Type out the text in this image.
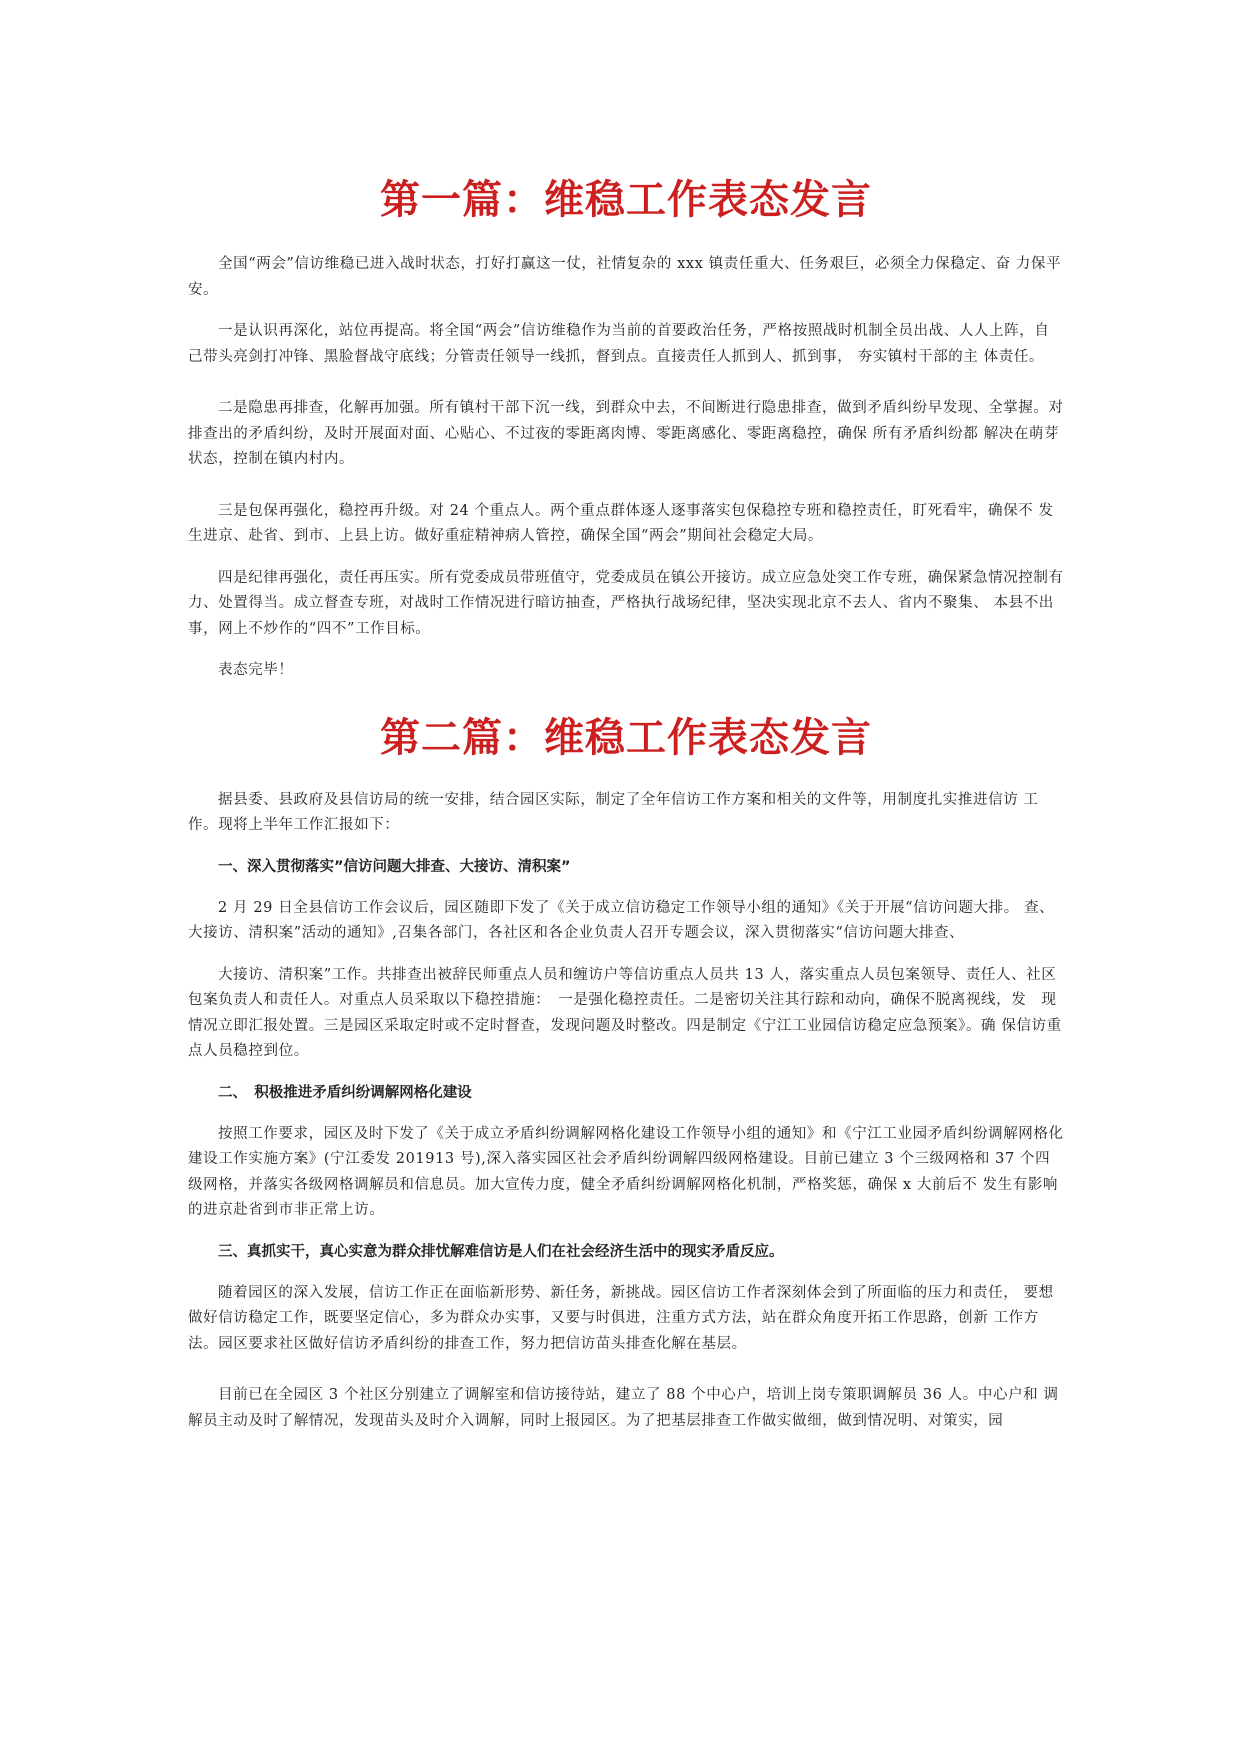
第一篇：维稳工作表态发言

全国“两会”信访维稳已进入战时状态，打好打赢这一仗，社情复杂的 xxx 镇责任重大、任务艰巨，必须全力保稳定、奋 力保平安。

一是认识再深化，站位再提高。将全国“两会”信访维稳作为当前的首要政治任务，严格按照战时机制全员出战、人人上阵，自己带头亮剑打冲锋、黑脸督战守底线；分管责任领导一线抓，督到点。直接责任人抓到人、抓到事， 夯实镇村干部的主 体责任。

二是隐患再排查，化解再加强。所有镇村干部下沉一线，到群众中去，不间断进行隐患排查，做到矛盾纠纷早发现、全掌握。对排查出的矛盾纠纷，及时开展面对面、心贴心、不过夜的零距离肉博、零距离感化、零距离稳控，确保 所有矛盾纠纷都 解决在萌芽状态，控制在镇内村内。

三是包保再强化，稳控再升级。对 24 个重点人。两个重点群体逐人逐事落实包保稳控专班和稳控责任，盯死看牢，确保不 发生进京、赴省、到市、上县上访。做好重症精神病人管控，确保全国“两会”期间社会稳定大局。

四是纪律再强化，责任再压实。所有党委成员带班值守，党委成员在镇公开接访。成立应急处突工作专班，确保紧急情况控制有力、处置得当。成立督查专班，对战时工作情况进行暗访抽查，严格执行战场纪律，坚决实现北京不去人、省内不聚集、 本县不出事，网上不炒作的“四不”工作目标。

表态完毕！

第二篇：维稳工作表态发言

据县委、县政府及县信访局的统一安排，结合园区实际，制定了全年信访工作方案和相关的文件等，用制度扎实推进信访 工作。现将上半年工作汇报如下：

一、深入贯彻落实”信访问题大排查、大接访、清积案”

2 月 29 日全县信访工作会议后，园区随即下发了《关于成立信访稳定工作领导小组的通知》《关于开展“信访问题大排。 查、大接访、清积案”活动的通知》,召集各部门，各社区和各企业负责人召开专题会议，深入贯彻落实“信访问题大排查、

大接访、清积案”工作。共排查出被辞民师重点人员和缠访户等信访重点人员共 13 人，落实重点人员包案领导、责任人、社区 包案负责人和责任人。对重点人员采取以下稳控措施：　一是强化稳控责任。二是密切关注其行踪和动向，确保不脱离视线，发　现情况立即汇报处置。三是园区采取定时或不定时督查，发现问题及时整改。四是制定《宁江工业园信访稳定应急预案》。确 保信访重点人员稳控到位。

二、　积极推进矛盾纠纷调解网格化建设

按照工作要求，园区及时下发了《关于成立矛盾纠纷调解网格化建设工作领导小组的通知》和《宁江工业园矛盾纠纷调解网格化建设工作实施方案》(宁江委发 201913 号),深入落实园区社会矛盾纠纷调解四级网格建设。目前已建立 3 个三级网格和 37 个四级网格，并落实各级网格调解员和信息员。加大宣传力度，健全矛盾纠纷调解网格化机制，严格奖惩，确保 x 大前后不 发生有影响的进京赴省到市非正常上访。

三、真抓实干，真心实意为群众排忧解难信访是人们在社会经济生活中的现实矛盾反应。

随着园区的深入发展，信访工作正在面临新形势、新任务，新挑战。园区信访工作者深刻体会到了所面临的压力和责任， 要想做好信访稳定工作，既要坚定信心，多为群众办实事，又要与时俱进，注重方式方法，站在群众角度开拓工作思路，创新 工作方法。园区要求社区做好信访矛盾纠纷的排查工作，努力把信访苗头排查化解在基层。

目前已在全园区 3 个社区分别建立了调解室和信访接待站，建立了 88 个中心户，培训上岗专策职调解员 36 人。中心户和 调解员主动及时了解情况，发现苗头及时介入调解，同时上报园区。为了把基层排查工作做实做细，做到情况明、对策实，园
